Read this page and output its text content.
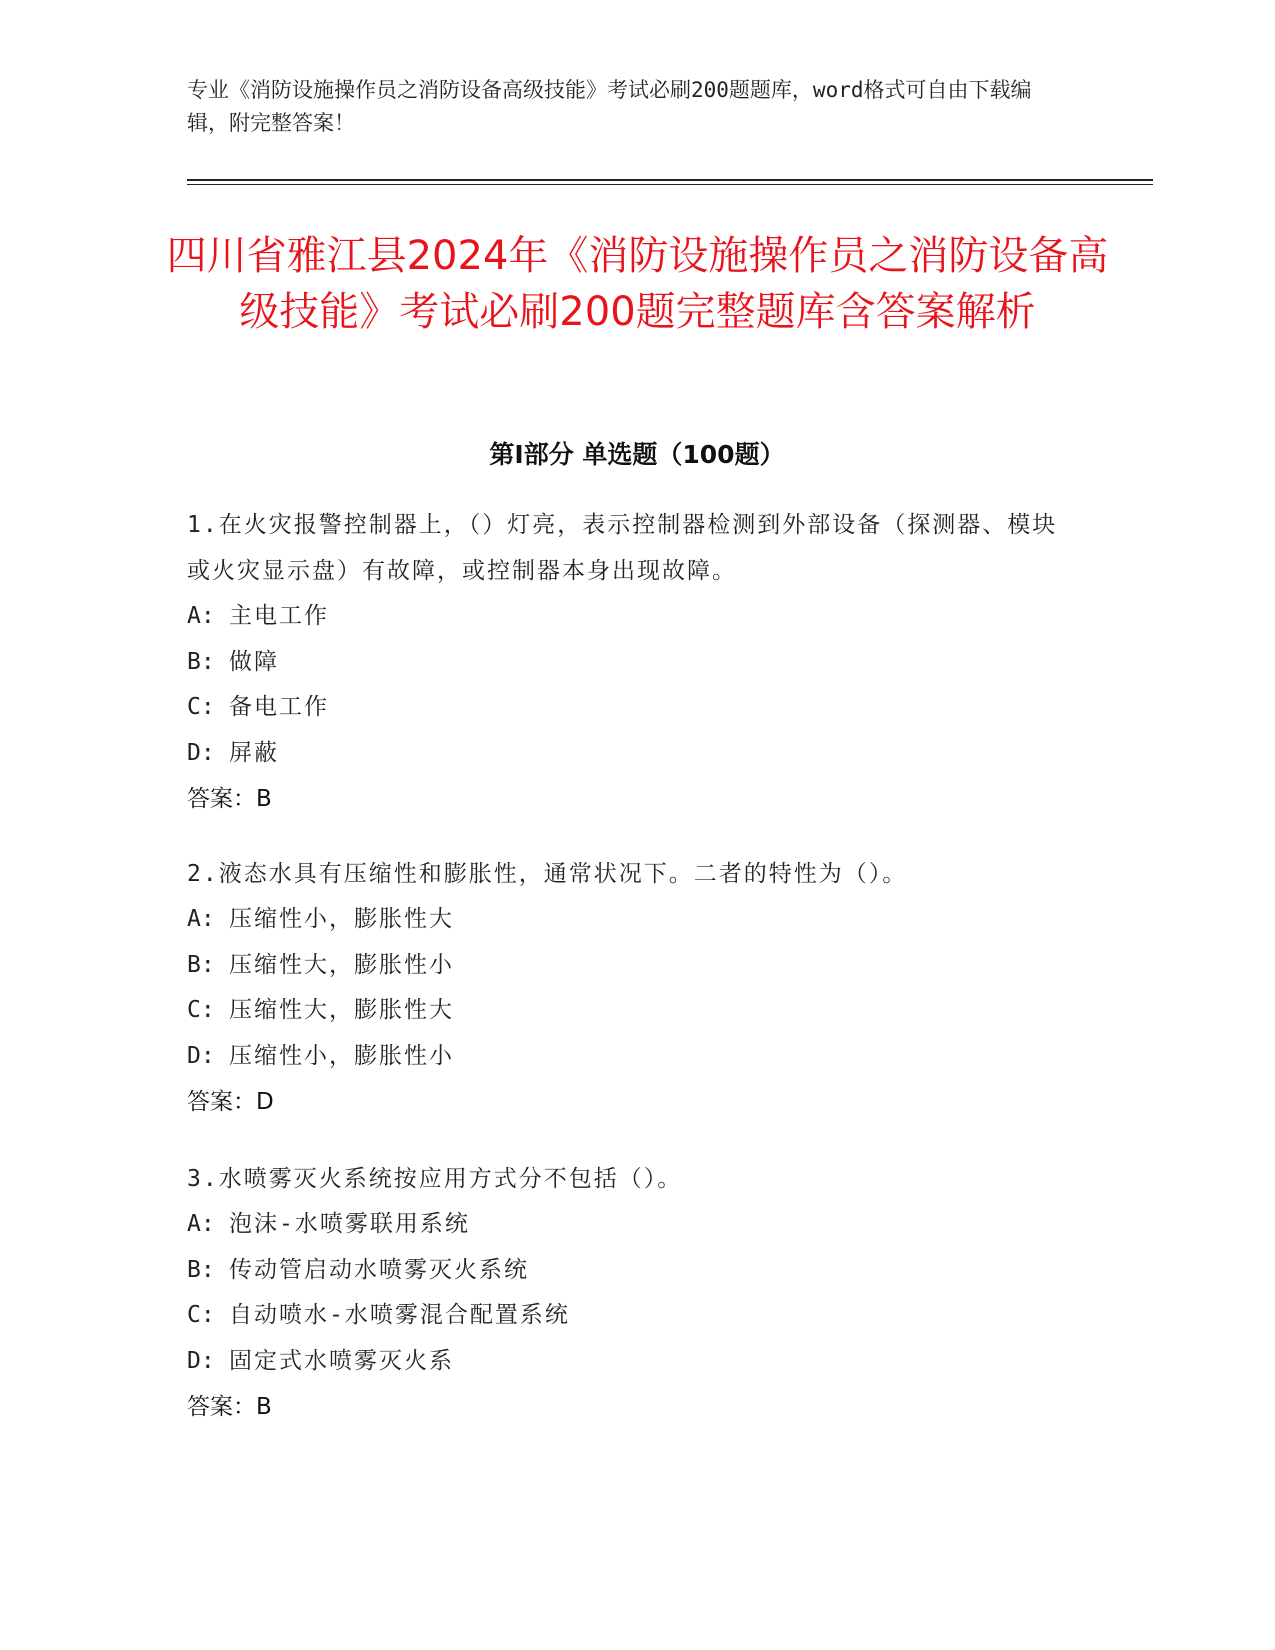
专业《消防设施操作员之消防设备高级技能》考试必刷200题题库，word格式可自由下载编辑，附完整答案！
四川省雅江县2024年《消防设施操作员之消防设备高级技能》考试必刷200题完整题库含答案解析
第I部分 单选题（100题）

1.在火灾报警控制器上，（）灯亮，表示控制器检测到外部设备（探测器、模块或火灾显示盘）有故障，或控制器本身出现故障。

A: 主电工作

B: 做障

C: 备电工作

D: 屏蔽

答案：B

2.液态水具有压缩性和膨胀性，通常状况下。二者的特性为（）。

A: 压缩性小，膨胀性大

B: 压缩性大，膨胀性小

C: 压缩性大，膨胀性大

D: 压缩性小，膨胀性小

答案：D

3.水喷雾灭火系统按应用方式分不包括（）。

A: 泡沫-水喷雾联用系统

B: 传动管启动水喷雾灭火系统

C: 自动喷水-水喷雾混合配置系统

D: 固定式水喷雾灭火系

答案：B
